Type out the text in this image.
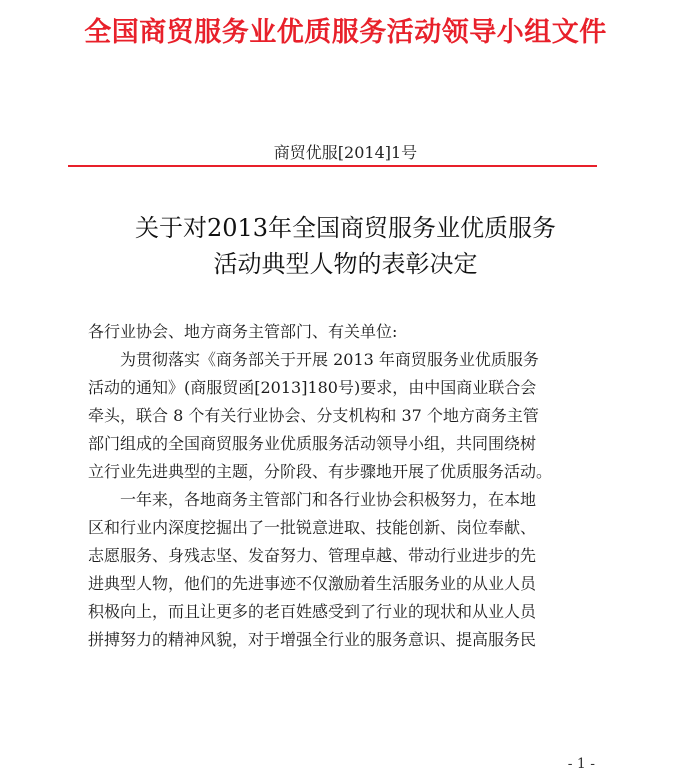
全国商贸服务业优质服务活动领导小组文件
商贸优服[2014]1号
关于对2013年全国商贸服务业优质服务
活动典型人物的表彰决定
各行业协会、地方商务主管部门、有关单位:
为贯彻落实《商务部关于开展 2013 年商贸服务业优质服务
活动的通知》(商服贸函[2013]180号)要求，由中国商业联合会
牵头，联合 8 个有关行业协会、分支机构和 37 个地方商务主管
部门组成的全国商贸服务业优质服务活动领导小组，共同围绕树
立行业先进典型的主题，分阶段、有步骤地开展了优质服务活动。
一年来，各地商务主管部门和各行业协会积极努力，在本地
区和行业内深度挖掘出了一批锐意进取、技能创新、岗位奉献、
志愿服务、身残志坚、发奋努力、管理卓越、带动行业进步的先
进典型人物，他们的先进事迹不仅激励着生活服务业的从业人员
积极向上，而且让更多的老百姓感受到了行业的现状和从业人员
拼搏努力的精神风貌，对于增强全行业的服务意识、提高服务民
- 1 -
